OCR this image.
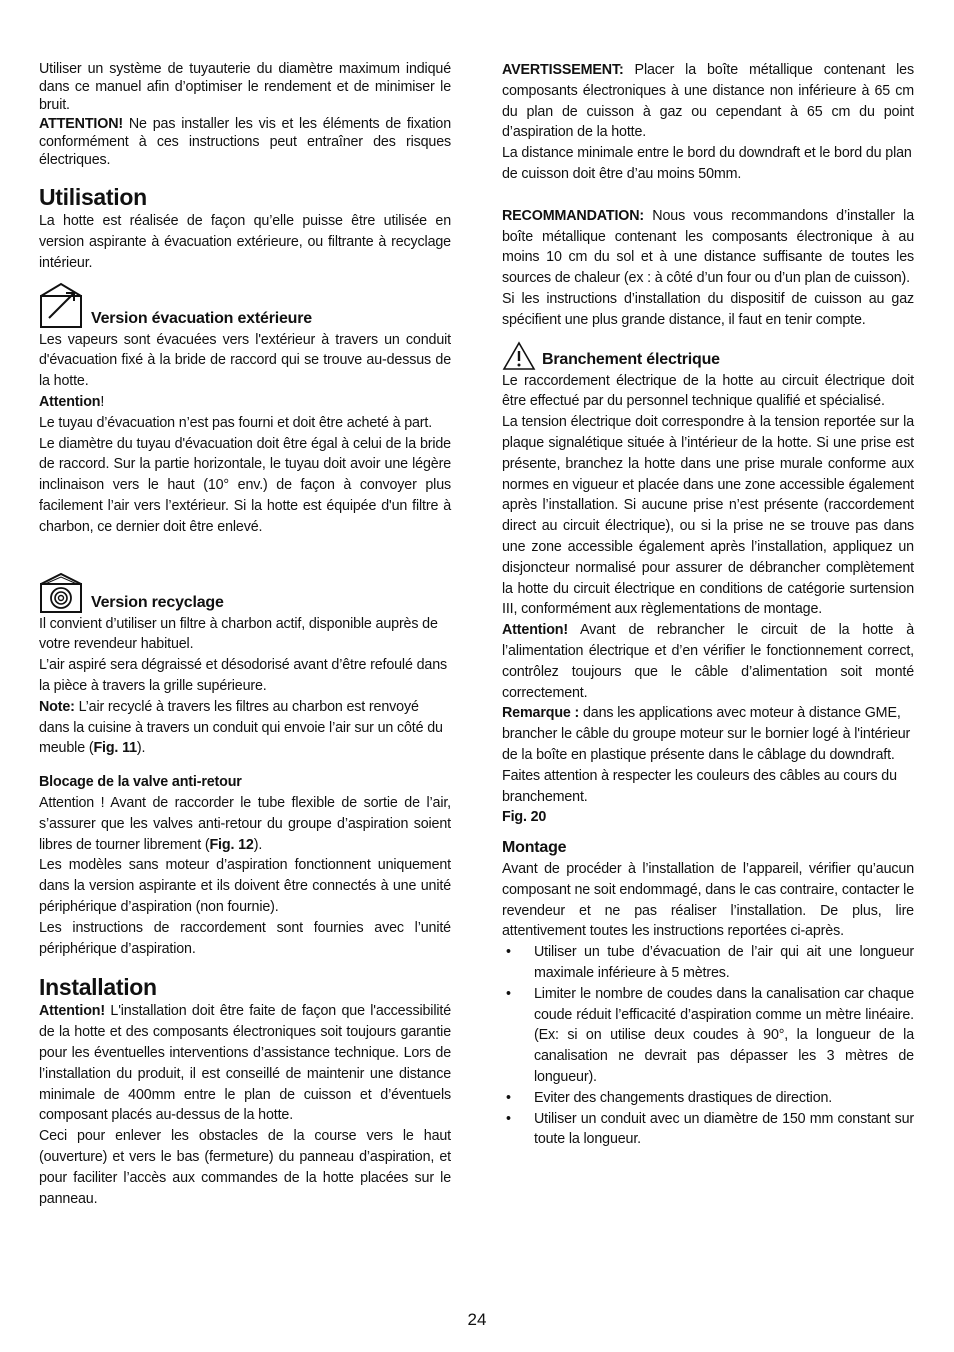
Utiliser un système de tuyauterie du diamètre maximum indiqué dans ce manuel afin d’optimiser le rendement et de minimiser le bruit.

ATTENTION! Ne pas installer les vis et les éléments de fixation conformément à ces instructions peut entraîner des risques électriques.

Utilisation

La hotte est réalisée de façon qu’elle puisse être utilisée en version aspirante à évacuation extérieure, ou filtrante à recyclage intérieur.

Version évacuation extérieure

Les vapeurs sont évacuées vers l'extérieur à travers un conduit d'évacuation fixé à la bride de raccord qui se trouve au-dessus de la hotte.

Attention!

Le tuyau d’évacuation n’est pas fourni et doit être acheté à part.

Le diamètre du tuyau d'évacuation doit être égal à celui de la bride de raccord. Sur la partie horizontale, le tuyau doit avoir une légère inclinaison vers le haut (10° env.) de façon à convoyer plus facilement l’air vers l’extérieur. Si la hotte est équipée d'un filtre à charbon, ce dernier doit être enlevé.

Version recyclage

Il convient d’utiliser un filtre à charbon actif, disponible auprès de votre revendeur habituel.

L’air aspiré sera dégraissé et désodorisé avant d’être refoulé dans la pièce à travers la grille supérieure.

Note: L’air recyclé à travers les filtres au charbon est renvoyé dans la cuisine à travers un conduit qui envoie l’air sur un côté du meuble (Fig. 11).

Blocage de la valve anti-retour

Attention ! Avant de raccorder le tube flexible de sortie de l’air, s’assurer que les valves anti-retour du groupe d’aspiration soient libres de tourner librement (Fig. 12).

Les modèles sans moteur d’aspiration fonctionnent uniquement dans la version aspirante et ils doivent être connectés à une unité périphérique d’aspiration (non fournie).

Les instructions de raccordement sont fournies avec l’unité périphérique d’aspiration.

Installation

Attention! L'installation doit être faite de façon que l'accessibilité de la hotte et des composants électroniques soit toujours garantie pour les éventuelles interventions d’assistance technique. Lors de l’installation du produit, il est conseillé de maintenir une distance minimale de 400mm entre le plan de cuisson et d’éventuels composant placés au-dessus de la hotte.

Ceci pour enlever les obstacles de la course vers le haut (ouverture) et vers le bas (fermeture) du panneau d’aspiration, et pour faciliter l’accès aux commandes de la hotte placées sur le panneau.

AVERTISSEMENT: Placer la boîte métallique contenant les composants électroniques à une distance non inférieure à 65 cm du plan de cuisson à gaz ou cependant à 65 cm du point d’aspiration de la hotte.

La distance minimale entre le bord du downdraft et le bord du plan de cuisson doit être d’au moins 50mm.

RECOMMANDATION: Nous vous recommandons d’installer la boîte métallique contenant les composants électronique à au moins 10 cm du sol et à une distance suffisante de toutes les sources de chaleur (ex : à côté d’un four ou d’un plan de cuisson).

Si les instructions d’installation du dispositif de cuisson au gaz spécifient une plus grande distance, il faut en tenir compte.

Branchement électrique

Le raccordement électrique de la hotte au circuit électrique doit être effectué par du personnel technique qualifié et spécialisé.

La tension électrique doit correspondre à la tension reportée sur la plaque signalétique située à l’intérieur de la hotte. Si une prise est présente, branchez la hotte dans une prise murale conforme aux normes en vigueur et placée dans une zone accessible également après l’installation. Si aucune prise n’est présente (raccordement direct au circuit électrique), ou si la prise ne se trouve pas dans une zone accessible également après l’installation, appliquez un disjoncteur normalisé pour assurer de débrancher complètement la hotte du circuit électrique en conditions de catégorie surtension III, conformément aux règlementations de montage.

Attention! Avant de rebrancher le circuit de la hotte à l’alimentation électrique et d’en vérifier le fonctionnement correct, contrôlez toujours que le câble d’alimentation soit monté correctement.

Remarque : dans les applications avec moteur à distance GME, brancher le câble du groupe moteur sur le bornier logé à l'intérieur de la boîte en plastique présente dans le câblage du downdraft. Faites attention à respecter les couleurs des câbles au cours du branchement.

Fig. 20

Montage

Avant de procéder à l’installation de l’appareil, vérifier qu’aucun composant ne soit endommagé, dans le cas contraire, contacter le revendeur et ne pas réaliser l’installation. De plus, lire attentivement toutes les instructions reportées ci-après.

• Utiliser un tube d’évacuation de l’air qui ait une longueur maximale inférieure à 5 mètres.
• Limiter le nombre de coudes dans la canalisation car chaque coude réduit l’efficacité d’aspiration comme un mètre linéaire. (Ex: si on utilise deux coudes à 90°, la longueur de la canalisation ne devrait pas dépasser les 3 mètres de longueur).
• Eviter des changements drastiques de direction.
• Utiliser un conduit avec un diamètre de 150 mm constant sur toute la longueur.
24
